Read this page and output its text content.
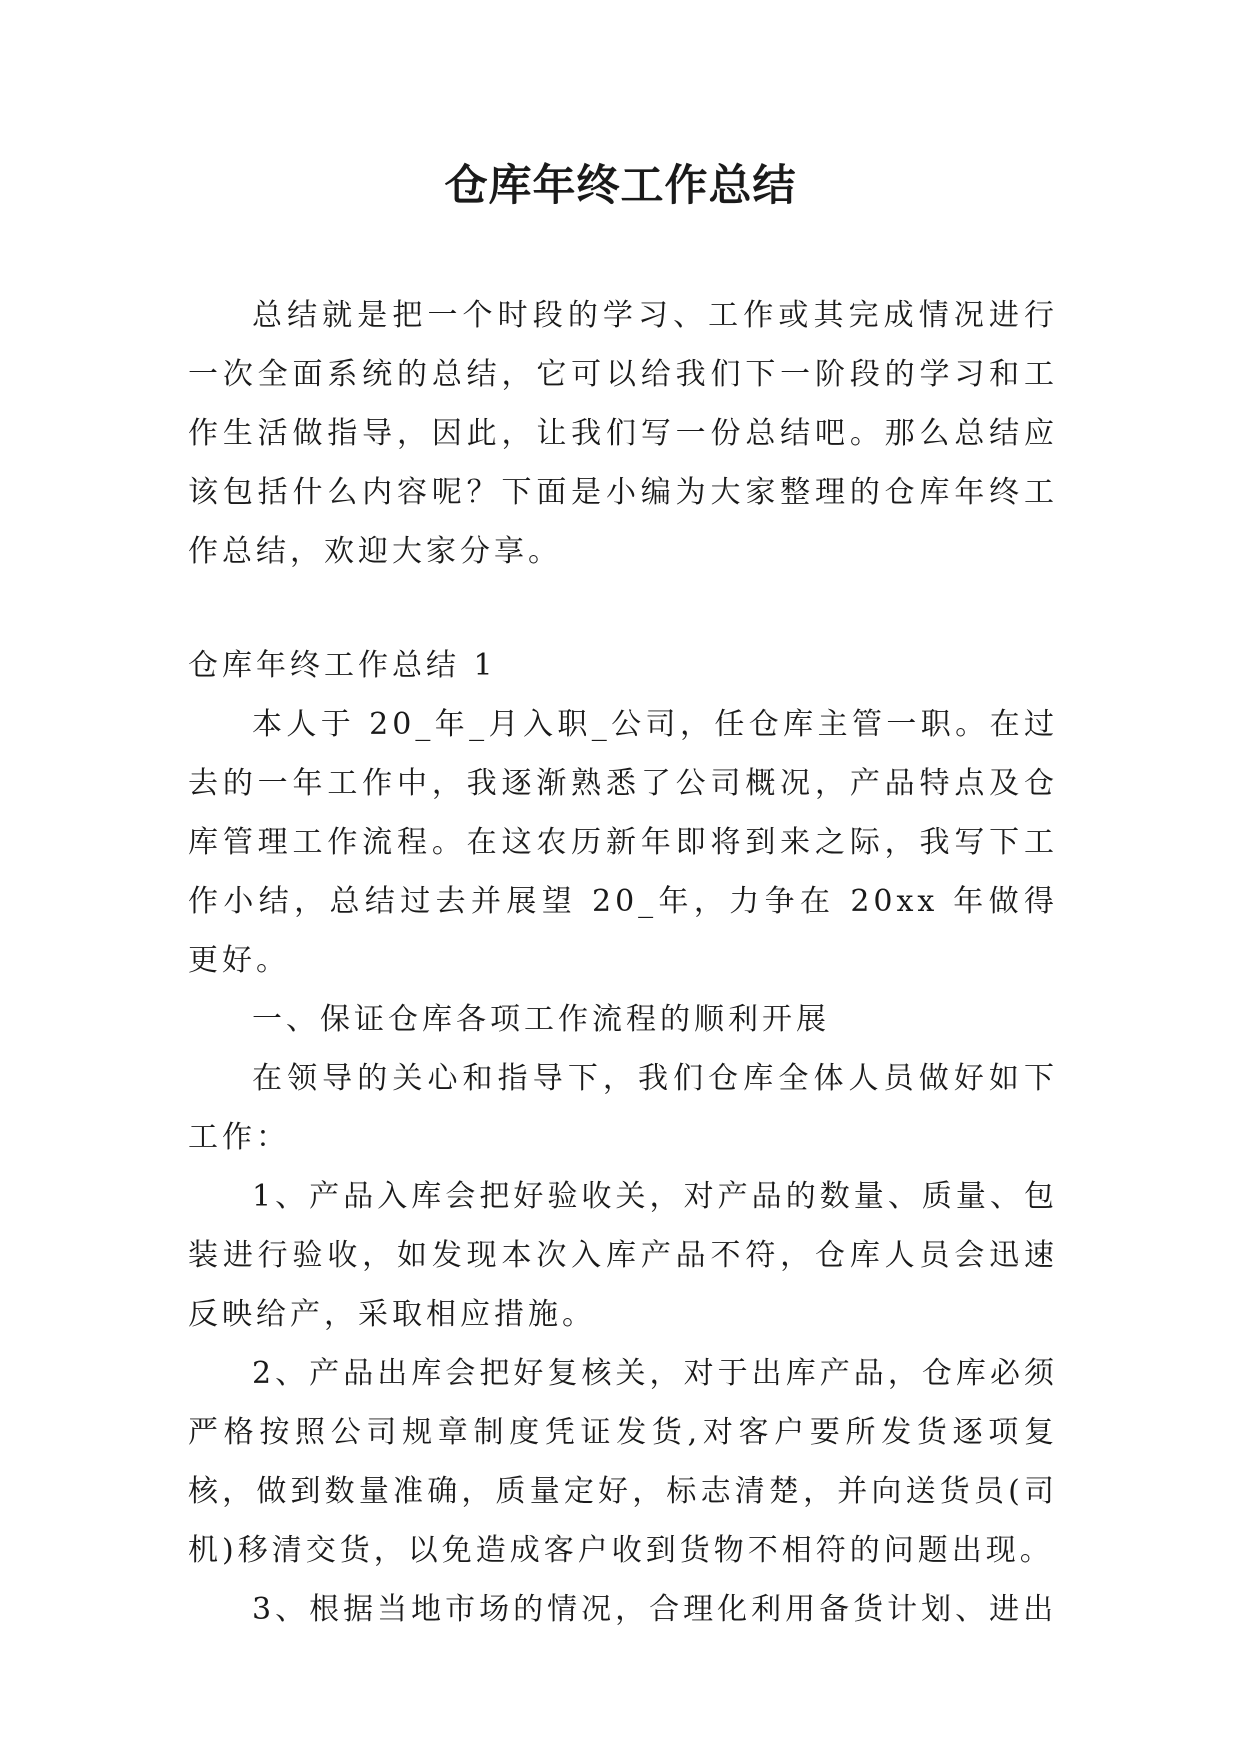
仓库年终工作总结

总结就是把一个时段的学习、工作或其完成情况进行一次全面系统的总结，它可以给我们下一阶段的学习和工作生活做指导，因此，让我们写一份总结吧。那么总结应该包括什么内容呢？下面是小编为大家整理的仓库年终工作总结，欢迎大家分享。

仓库年终工作总结 1

本人于 20_年_月入职_公司，任仓库主管一职。在过去的一年工作中，我逐渐熟悉了公司概况，产品特点及仓库管理工作流程。在这农历新年即将到来之际，我写下工作小结，总结过去并展望 20_年，力争在 20xx 年做得更好。

一、保证仓库各项工作流程的顺利开展

在领导的关心和指导下，我们仓库全体人员做好如下工作：

1、产品入库会把好验收关，对产品的数量、质量、包装进行验收，如发现本次入库产品不符，仓库人员会迅速反映给产，采取相应措施。

2、产品出库会把好复核关，对于出库产品，仓库必须严格按照公司规章制度凭证发货,对客户要所发货逐项复核，做到数量准确，质量定好，标志清楚，并向送货员(司机)移清交货，以免造成客户收到货物不相符的问题出现。

3、根据当地市场的情况，合理化利用备货计划、进出
